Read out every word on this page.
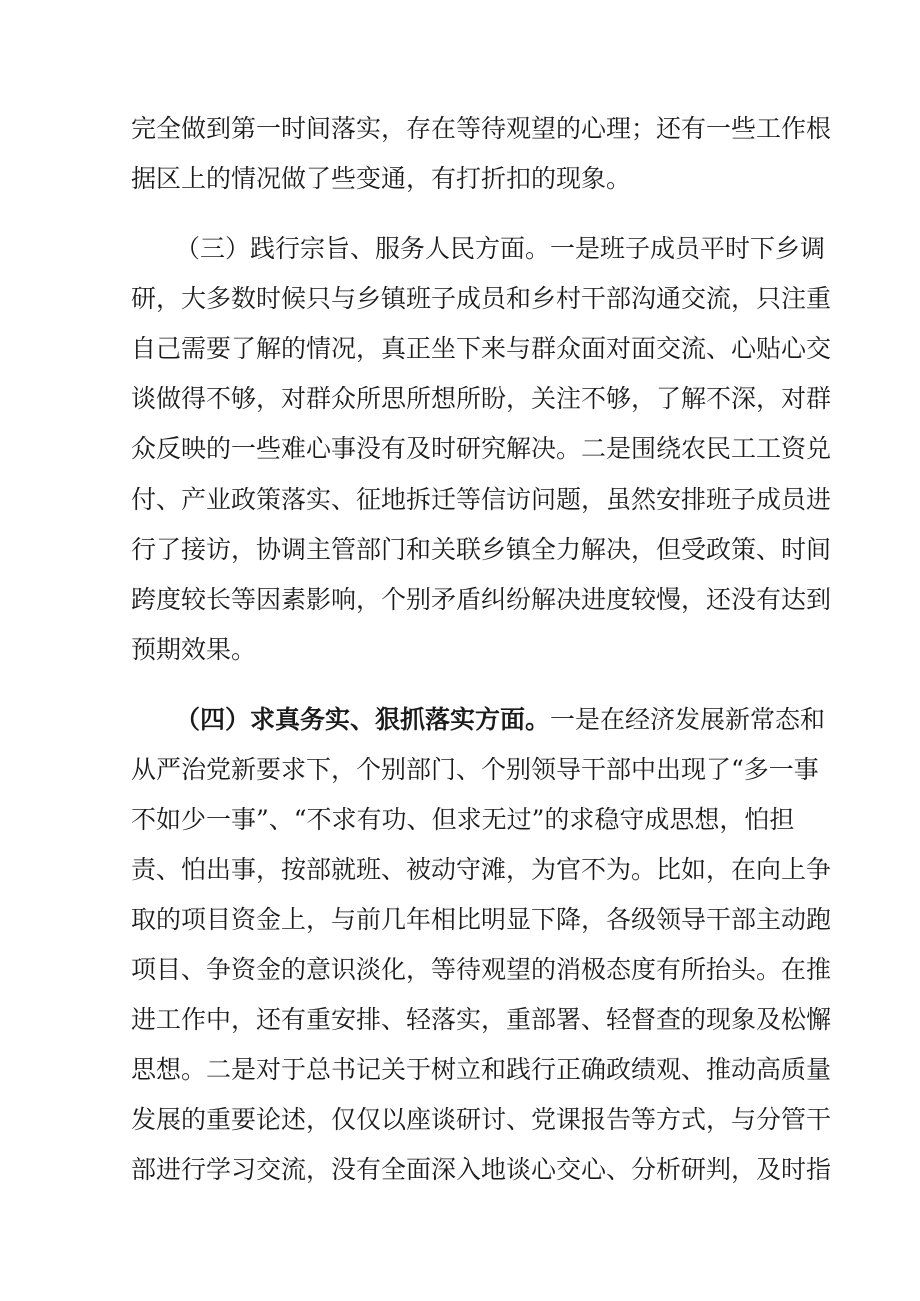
完全做到第一时间落实，存在等待观望的心理；还有一些工作根
据区上的情况做了些变通，有打折扣的现象。
（三）践行宗旨、服务人民方面。一是班子成员平时下乡调
研，大多数时候只与乡镇班子成员和乡村干部沟通交流，只注重
自己需要了解的情况，真正坐下来与群众面对面交流、心贴心交
谈做得不够，对群众所思所想所盼，关注不够，了解不深，对群
众反映的一些难心事没有及时研究解决。二是围绕农民工工资兑
付、产业政策落实、征地拆迁等信访问题，虽然安排班子成员进
行了接访，协调主管部门和关联乡镇全力解决，但受政策、时间
跨度较长等因素影响，个别矛盾纠纷解决进度较慢，还没有达到
预期效果。
（四）求真务实、狠抓落实方面。一是在经济发展新常态和
从严治党新要求下，个别部门、个别领导干部中出现了“多一事
不如少一事”、“不求有功、但求无过”的求稳守成思想，怕担
责、怕出事，按部就班、被动守滩，为官不为。比如，在向上争
取的项目资金上，与前几年相比明显下降，各级领导干部主动跑
项目、争资金的意识淡化，等待观望的消极态度有所抬头。在推
进工作中，还有重安排、轻落实，重部署、轻督查的现象及松懈
思想。二是对于总书记关于树立和践行正确政绩观、推动高质量
发展的重要论述，仅仅以座谈研讨、党课报告等方式，与分管干
部进行学习交流，没有全面深入地谈心交心、分析研判，及时指
